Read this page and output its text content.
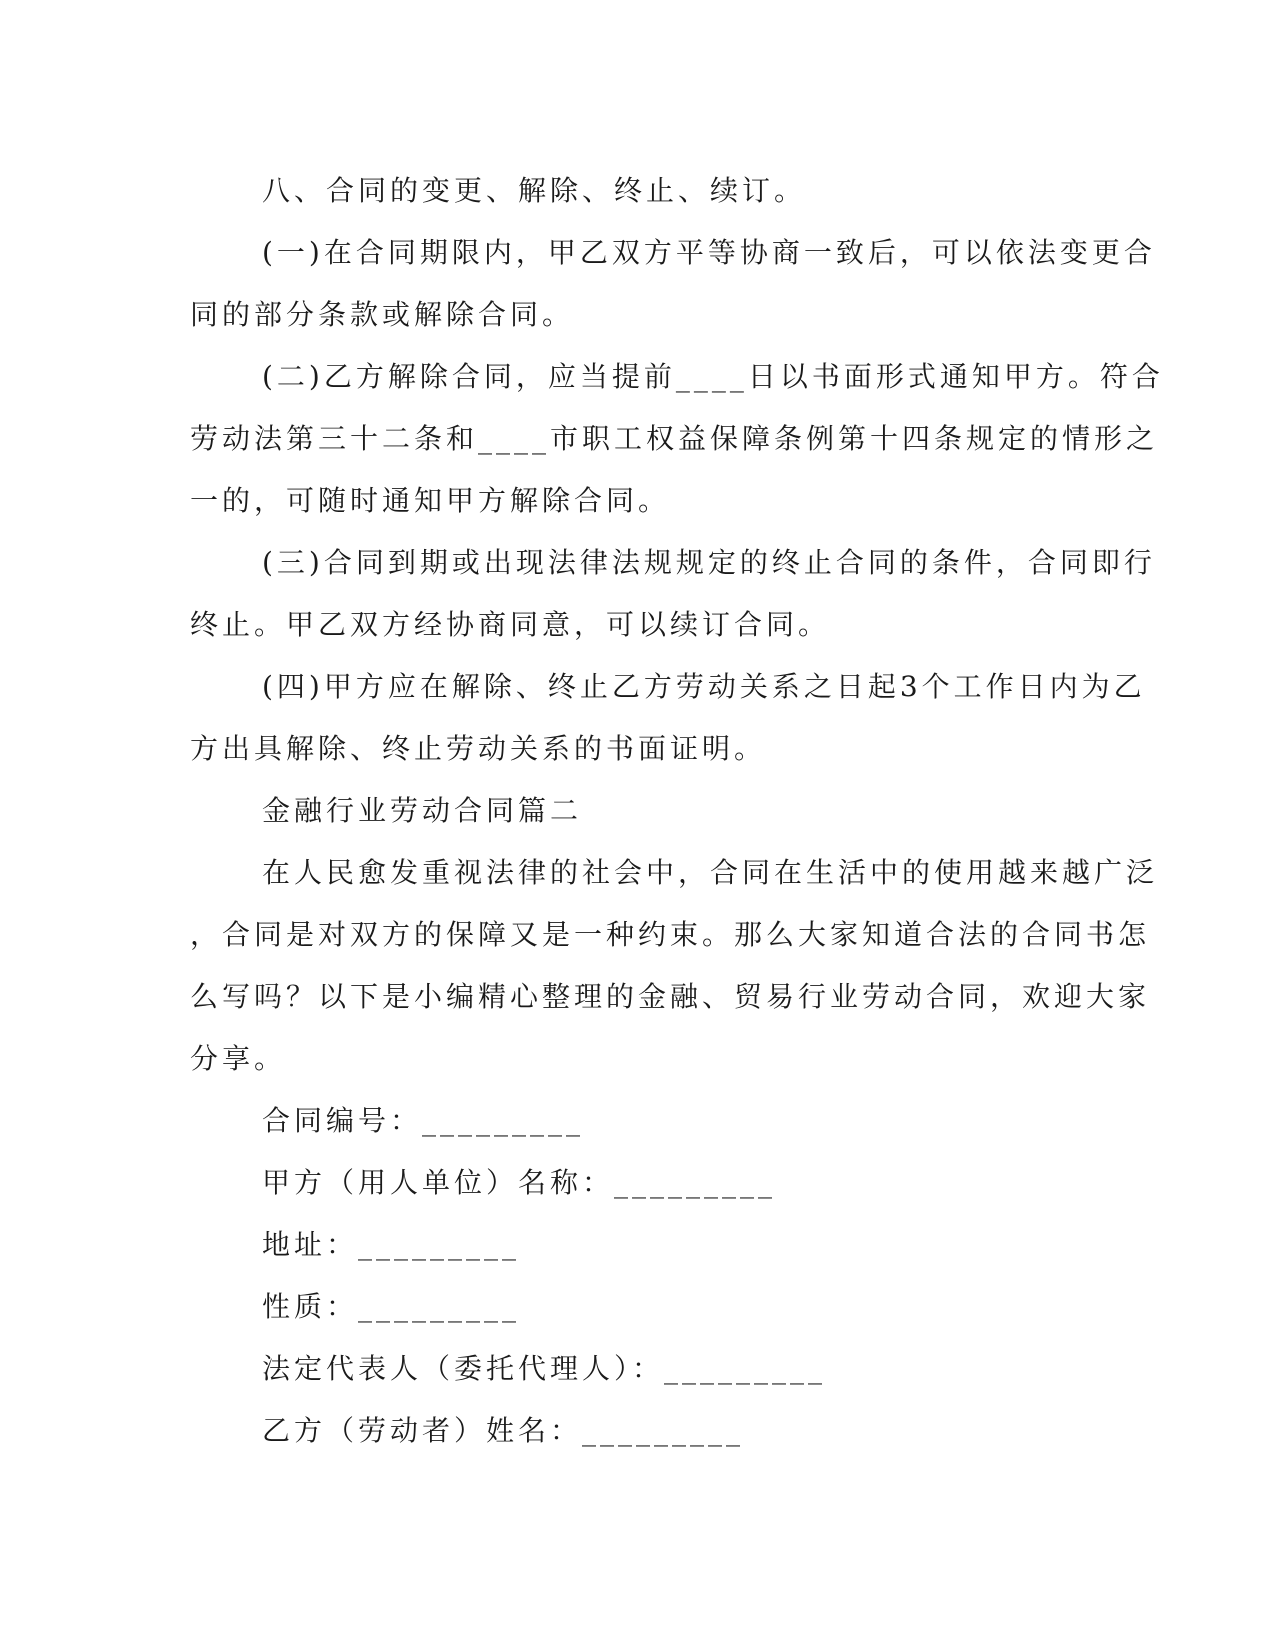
八、合同的变更、解除、终止、续订。

(一)在合同期限内，甲乙双方平等协商一致后，可以依法变更合
同的部分条款或解除合同。

(二)乙方解除合同，应当提前____日以书面形式通知甲方。符合
劳动法第三十二条和____市职工权益保障条例第十四条规定的情形之
一的，可随时通知甲方解除合同。

(三)合同到期或出现法律法规规定的终止合同的条件，合同即行
终止。甲乙双方经协商同意，可以续订合同。

(四)甲方应在解除、终止乙方劳动关系之日起3个工作日内为乙
方出具解除、终止劳动关系的书面证明。

金融行业劳动合同篇二

在人民愈发重视法律的社会中，合同在生活中的使用越来越广泛
，合同是对双方的保障又是一种约束。那么大家知道合法的合同书怎
么写吗？以下是小编精心整理的金融、贸易行业劳动合同，欢迎大家
分享。

合同编号：_________

甲方（用人单位）名称：_________

地址：_________

性质：_________

法定代表人（委托代理人）：_________

乙方（劳动者）姓名：_________
